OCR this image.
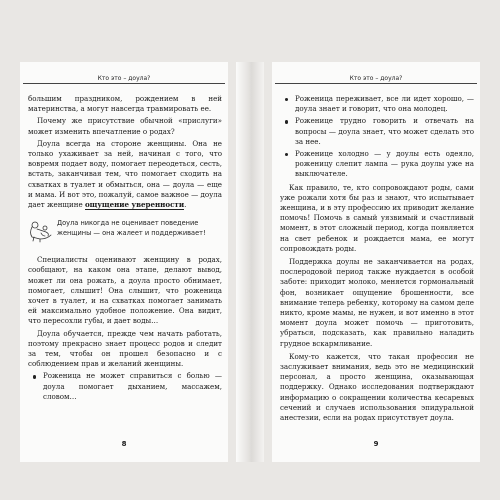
Кто это – доула?

большим праздником, рождением в ней материнства, а могут навсегда травмировать ее.

Почему же присутствие обычной «прислуги» может изменить впечатление о родах?

Доула всегда на стороне женщины. Она не только ухаживает за ней, начиная с того, что вовремя подает воду, помогает переодеться, сесть, встать, заканчивая тем, что помогает сходить на схватках в туалет и обмыться, она — доула — еще и мама. И вот это, пожалуй, самое важное — доула дает женщине ощущение уверенности.

Доула никогда не оценивает поведение женщины — она жалеет и поддерживает!

Специалисты оценивают женщину в родах, сообщают, на каком она этапе, делают вывод, может ли она рожать, а доула просто обнимает, помогает, слышит! Она слышит, что роженица хочет в туалет, и на схватках помогает занимать ей максимально удобное положение. Она видит, что пересохли губы, и дает воды…

Доула обучается, прежде чем начать работать, поэтому прекрасно знает процесс родов и следит за тем, чтобы он прошел безопасно и с соблюдением прав и желаний женщины.

Роженица не может справиться с болью — доула помогает дыханием, массажем, словом…
8
Кто это – доула?
Роженица переживает, все ли идет хорошо, — доула знает и говорит, что она молодец.
Роженице трудно говорить и отвечать на вопросы — доула знает, что может сделать это за нее.
Роженице холодно — у доулы есть одеяло, роженицу слепит лампа — рука доулы уже на выключателе.

Как правило, те, кто сопровождают роды, сами уже рожали хотя бы раз и знают, что испытывает женщина, и в эту профессию их приводит желание помочь! Помочь в самый уязвимый и счастливый момент, в этот сложный период, когда появляется на свет ребенок и рождается мама, ее могут сопровождать роды.

Поддержка доулы не заканчивается на родах, послеродовой период также нуждается в особой заботе: приходит молоко, меняется гормональный фон, возникает ощущение брошенности, все внимание теперь ребенку, которому на самом деле никто, кроме мамы, не нужен, и вот именно в этот момент доула может помочь — приготовить, убраться, подсказать, как правильно наладить грудное вскармливание.

Кому-то кажется, что такая профессия не заслуживает внимания, ведь это не медицинский персонал, а просто женщина, оказывающая поддержку. Однако исследования подтверждают информацию о сокращении количества кесаревых сечений и случаев использования эпидуральной анестезии, если на родах присутствует доула.

9
